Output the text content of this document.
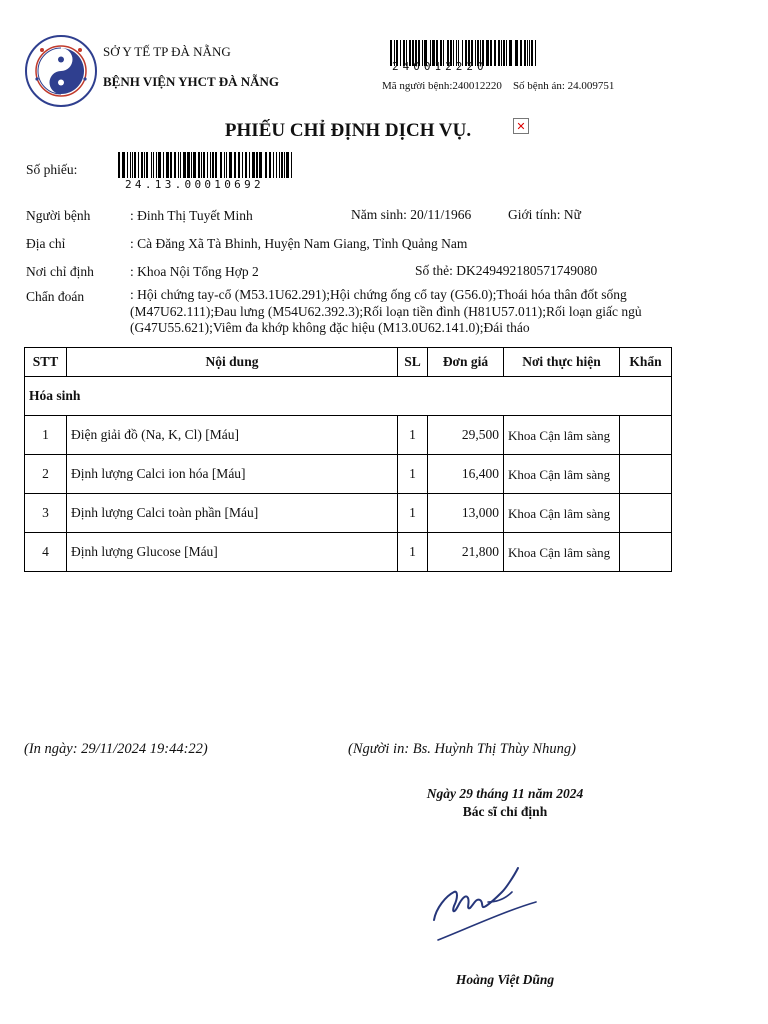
SỞ Y TẾ TP ĐÀ NẴNG
BỆNH VIỆN YHCT ĐÀ NẴNG
240012220
Mã người bệnh:240012220 Số bệnh án: 24.009751
PHIẾU CHỈ ĐỊNH DỊCH VỤ.	✕
Số phiếu:
24.13.00010692
Người bệnh	: Đinh Thị Tuyết Minh	Năm sinh: 20/11/1966	Giới tính: Nữ
Địa chỉ	: Cà Đăng Xã Tà Bhinh, Huyện Nam Giang, Tỉnh Quảng Nam
Nơi chỉ định	: Khoa Nội Tổng Hợp 2	Số thẻ: DK2494921805717490​80
Chẩn đoán	: Hội chứng tay-cổ (M53.1U62.291);Hội chứng ống cổ tay (G56.0);Thoái hóa thân đốt sống (M47U62.111);Đau lưng (M54U62.392.3);Rối loạn tiền đình (H81U57.011);Rối loạn giấc ngủ (G47U55.621);Viêm đa khớp không đặc hiệu (M13.0U62.141.0);Đái tháo
STT	Nội dung	SL	Đơn giá	Nơi thực hiện	Khẩn
Hóa sinh					
1	Điện giải đồ (Na, K, Cl) [Máu]	1	29,500	Khoa Cận lâm sàng	
2	Định lượng Calci ion hóa [Máu]	1	16,400	Khoa Cận lâm sàng	
3	Định lượng Calci toàn phần [Máu]	1	13,000	Khoa Cận lâm sàng	
4	Định lượng Glucose [Máu]	1	21,800	Khoa Cận lâm sàng	
(In ngày: 29/11/2024 19:44:22)	(Người in: Bs. Huỳnh Thị Thùy Nhung)
Ngày 29 tháng 11 năm 2024
Bác sĩ chỉ định
Hoàng Việt Dũng
